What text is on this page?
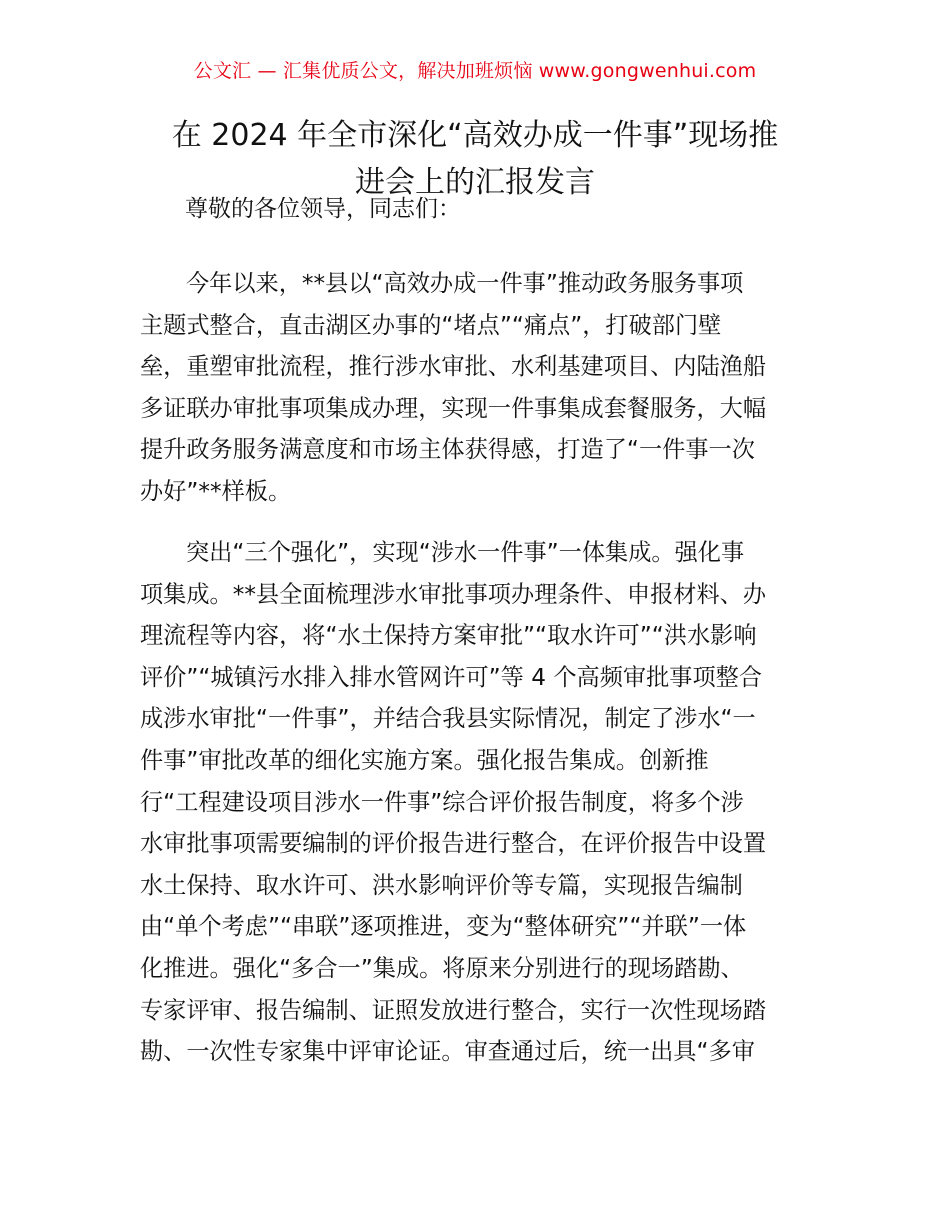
公文汇 — 汇集优质公文，解决加班烦恼 www.gongwenhui.com
在 2024 年全市深化“高效办成一件事”现场推
进会上的汇报发言
尊敬的各位领导，同志们：
今年以来，**县以“高效办成一件事”推动政务服务事项
主题式整合，直击湖区办事的“堵点”“痛点”，打破部门壁
垒，重塑审批流程，推行涉水审批、水利基建项目、内陆渔船
多证联办审批事项集成办理，实现一件事集成套餐服务，大幅
提升政务服务满意度和市场主体获得感，打造了“一件事一次
办好”**样板。
突出“三个强化”，实现“涉水一件事”一体集成。强化事
项集成。**县全面梳理涉水审批事项办理条件、申报材料、办
理流程等内容，将“水土保持方案审批”“取水许可”“洪水影响
评价”“城镇污水排入排水管网许可”等 4 个高频审批事项整合
成涉水审批“一件事”，并结合我县实际情况，制定了涉水“一
件事”审批改革的细化实施方案。强化报告集成。创新推
行“工程建设项目涉水一件事”综合评价报告制度，将多个涉
水审批事项需要编制的评价报告进行整合，在评价报告中设置
水土保持、取水许可、洪水影响评价等专篇，实现报告编制
由“单个考虑”“串联”逐项推进，变为“整体研究”“并联”一体
化推进。强化“多合一”集成。将原来分别进行的现场踏勘、
专家评审、报告编制、证照发放进行整合，实行一次性现场踏
勘、一次性专家集中评审论证。审查通过后，统一出具“多审
